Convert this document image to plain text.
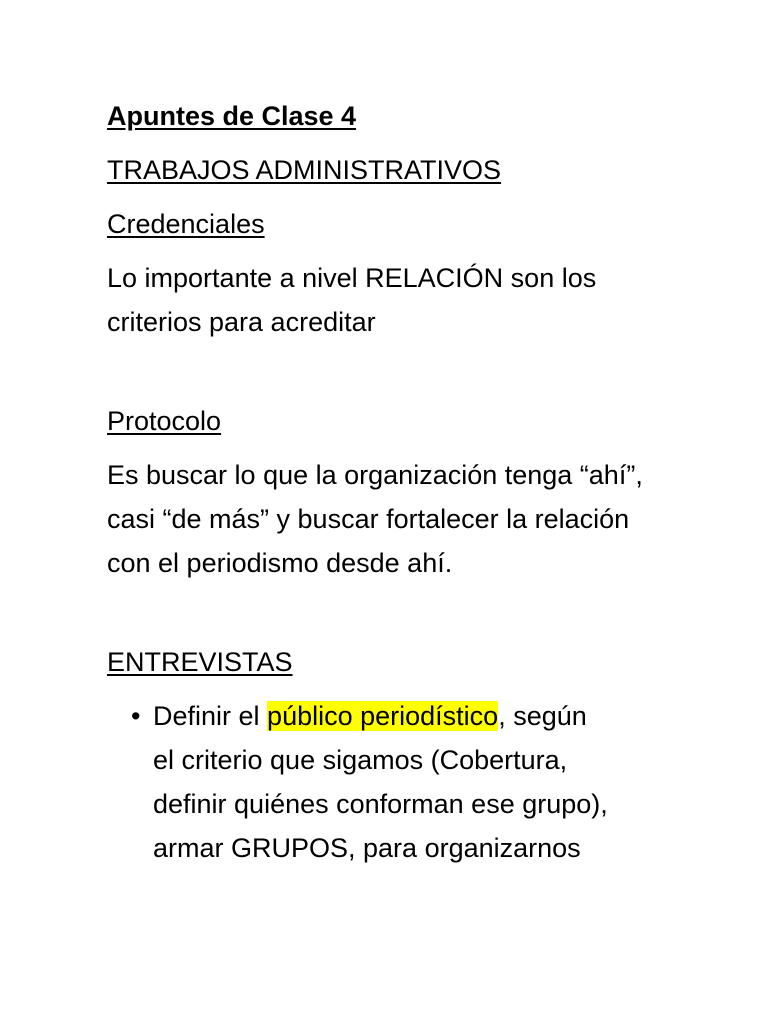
Apuntes de Clase 4
TRABAJOS ADMINISTRATIVOS
Credenciales
Lo importante a nivel RELACIÓN son los
criterios para acreditar
Protocolo
Es buscar lo que la organización tenga “ahí”,
casi “de más” y buscar fortalecer la relación
con el periodismo desde ahí.
ENTREVISTAS
• Definir el público periodístico, según
el criterio que sigamos (Cobertura,
definir quiénes conforman ese grupo),
armar GRUPOS, para organizarnos
